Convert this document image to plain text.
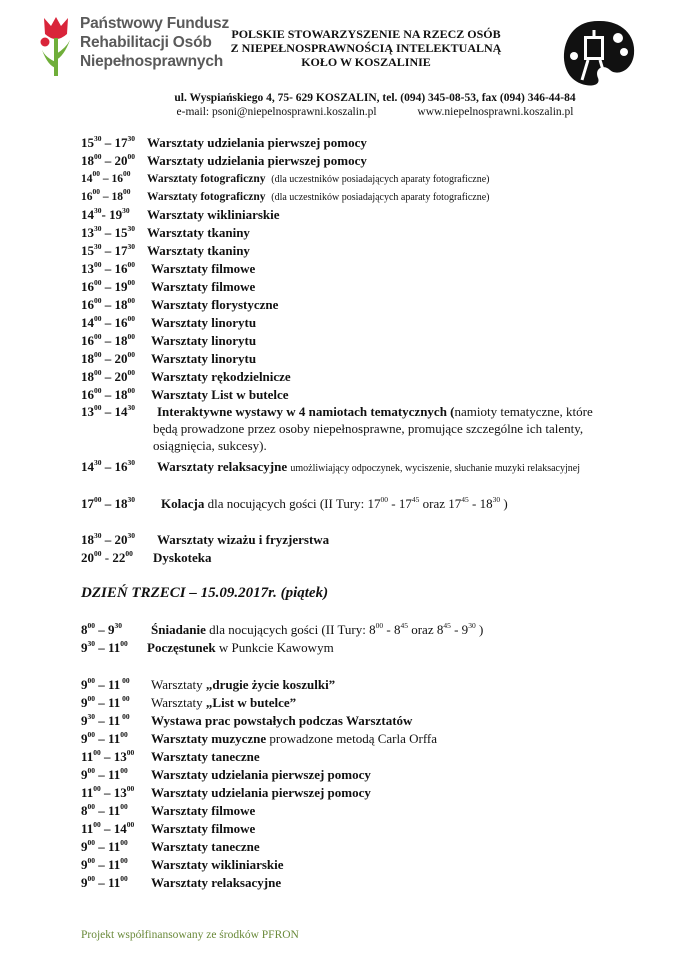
Państwowy Fundusz
Rehabilitacji Osób
Niepełnosprawnych
POLSKIE STOWARZYSZENIE NA RZECZ OSÓB
Z NIEPEŁNOSPRAWNOŚCIĄ INTELEKTUALNĄ
KOŁO W KOSZALINIE
ul. Wyspiańskiego 4, 75- 629 KOSZALIN, tel. (094) 345-08-53, fax (094) 346-44-84
e-mail: psoni@niepelnosprawni.koszalin.pl	www.niepelnosprawni.koszalin.pl
$15^{30} - 17^{30}$ Warsztaty udzielania pierwszej pomocy
$18^{00} - 20^{00}$ Warsztaty udzielania pierwszej pomocy
$14^{00} - 16^{00}$ Warsztaty fotograficzny (dla uczestników posiadających aparaty fotograficzne)
$16^{00} - 18^{00}$ Warsztaty fotograficzny (dla uczestników posiadających aparaty fotograficzne)
$14^{30}-$ $19^{30}$ Warsztaty wikliniarskie
$13^{30} - 15^{30}$ Warsztaty tkaniny
$15^{30} - 17^{30}$ Warsztaty tkaniny
$13^{00} - 16^{00}$ Warsztaty filmowe
$16^{00} - 19^{00}$ Warsztaty filmowe
$16^{00} - 18^{00}$ Warsztaty florystyczne
$14^{00} - 16^{00}$ Warsztaty linorytu
$16^{00} - 18^{00}$ Warsztaty linorytu
$18^{00} - 20^{00}$ Warsztaty linorytu
$18^{00} - 20^{00}$ Warsztaty rękodzielnicze
$16^{00} - 18^{00}$ Warsztaty List w butelce
$13^{00} - 14^{30}$ Interaktywne wystawy w 4 namiotach tematycznych (namioty tematyczne, które
będą prowadzone przez osoby niepełnosprawne, promujące szczególne ich talenty,
osiągnięcia, sukcesy).
$14^{30} - 16^{30}$ Warsztaty relaksacyjne umożliwiający odpoczynek, wyciszenie, słuchanie muzyki relaksacyjnej
$17^{00} - 18^{30}$ Kolacja dla nocujących gości (II Tury: $17^{00} - 17^{45}$ oraz $17^{45} - 18^{30}$ )
$18^{30} - 20^{30}$ Warsztaty wizażu i fryzjerstwa
$20^{00} - 22^{00}$ Dyskoteka
DZIEŃ TRZECI – 15.09.2017r. (piątek)
$8^{00} - 9^{30}$ Śniadanie dla nocujących gości (II Tury: $8^{00} - 8^{45}$ oraz $8^{45} - 9^{30}$ )
$9^{30} - 11^{00}$ Poczęstunek w Punkcie Kawowym
$9^{00} - 11$ $^{00}$ Warsztaty „drugie życie koszulki”
$9^{00} - 11$ $^{00}$ Warsztaty „List w butelce”
$9^{30} - 11$ $^{00}$ Wystawa prac powstałych podczas Warsztatów
$9^{00} - 11^{00}$ Warsztaty muzyczne prowadzone metodą Carla Orffa
$11^{00} - 13^{00}$ Warsztaty taneczne
$9^{00} - 11^{00}$ Warsztaty udzielania pierwszej pomocy
$11^{00} - 13^{00}$ Warsztaty udzielania pierwszej pomocy
$8^{00} - 11^{00}$ Warsztaty filmowe
$11^{00} - 14^{00}$ Warsztaty filmowe
$9^{00} - 11^{00}$ Warsztaty taneczne
$9^{00} - 11^{00}$ Warsztaty wikliniarskie
$9^{00} - 11^{00}$ Warsztaty relaksacyjne
Projekt współfinansowany ze środków PFRON
